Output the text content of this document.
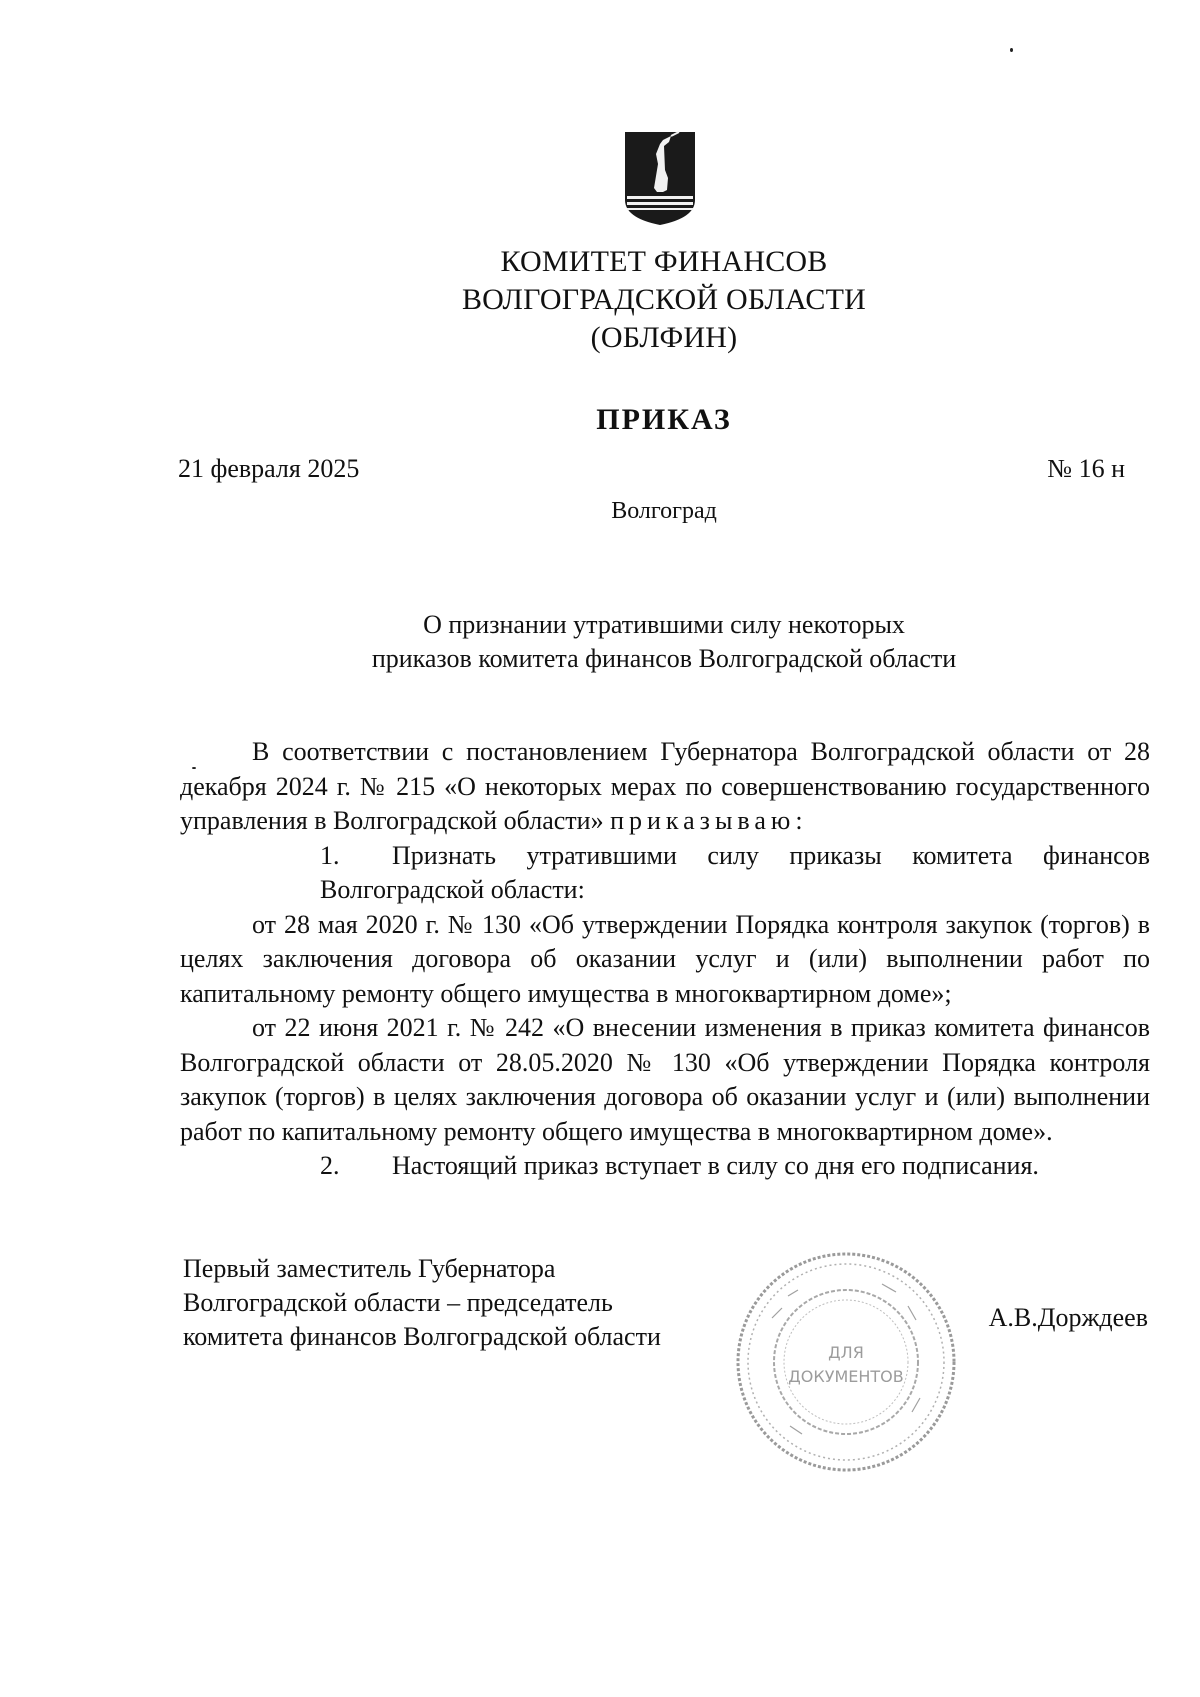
КОМИТЕТ ФИНАНСОВ
ВОЛГОГРАДСКОЙ ОБЛАСТИ
(ОБЛФИН)
ПРИКАЗ
21 февраля 2025	№ 16 н
Волгоград
О признании утратившими силу некоторых
приказов комитета финансов Волгоградской области

В соответствии с постановлением Губернатора Волгоградской области от 28 декабря 2024 г. № 215 «О некоторых мерах по совершенствованию государственного управления в Волгоградской области» приказываю:

1. Признать утратившими силу приказы комитета финансов Волгоградской области:

от 28 мая 2020 г. № 130 «Об утверждении Порядка контроля закупок (торгов) в целях заключения договора об оказании услуг и (или) выполнении работ по капитальному ремонту общего имущества в многоквартирном доме»;

от 22 июня 2021 г. № 242 «О внесении изменения в приказ комитета финансов Волгоградской области от 28.05.2020 № 130 «Об утверждении Порядка контроля закупок (торгов) в целях заключения договора об оказании услуг и (или) выполнении работ по капитальному ремонту общего имущества в многоквартирном доме».

2. Настоящий приказ вступает в силу со дня его подписания.

Первый заместитель Губернатора
Волгоградской области – председатель
комитета финансов Волгоградской области
ДЛЯ
ДОКУМЕНТОВ
А.В.Дорждеев
